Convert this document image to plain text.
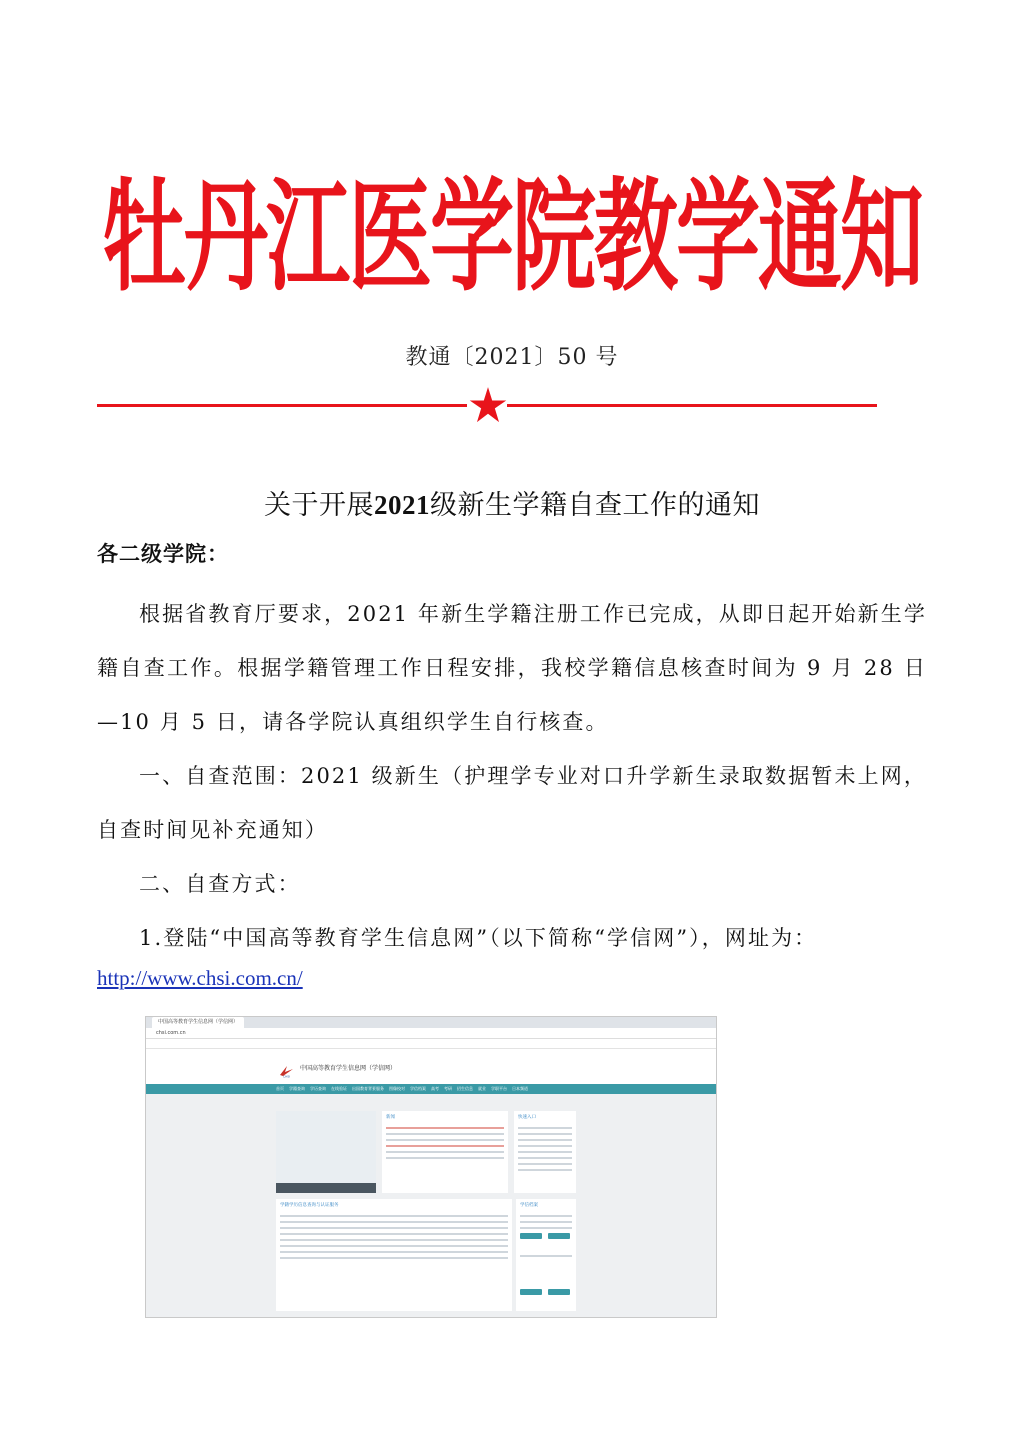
牡丹江医学院教学通知
教通〔2021〕50 号
关于开展2021级新生学籍自查工作的通知
各二级学院：

根据省教育厅要求，2021 年新生学籍注册工作已完成，从即日起开始新生学籍自查工作。根据学籍管理工作日程安排，我校学籍信息核查时间为 9 月 28 日—10 月 5 日，请各学院认真组织学生自行核查。

一、自查范围：2021 级新生（护理学专业对口升学新生录取数据暂未上网，自查时间见补充通知）

二、自查方式：

1.登陆“中国高等教育学生信息网”（以下简称“学信网”），网址为：

http://www.chsi.com.cn/
中国高等教育学生信息网（学信网）
chsi.com.cn
CHSI
中国高等教育学生信息网（学信网）
首页 学籍查询 学历查询 在线验证 出国教育背景服务 图像校对 学信档案 高考 考研 招生信息 就业 学职平台 日本频道
新闻	快速入口
学籍学历信息查询与认证服务	学信档案
